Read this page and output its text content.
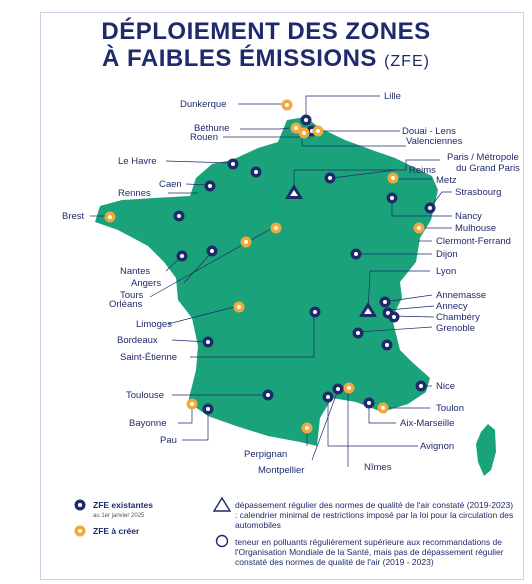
DÉPLOIEMENT DES ZONES
À FAIBLES ÉMISSIONS (ZFE)
Lille
Dunkerque
Béthune
Rouen
Douai - Lens
Valenciennes
Le Havre	Paris / Métropole du Grand Paris
Reims
Caen	Metz
Rennes	Strasbourg
Brest	Nancy
Mulhouse
Clermont-Ferrand
Nantes
Angers
Tours
Orléans
Dijon
Lyon
Limoges
Annemasse
Annecy
Chambéry
Grenoble
Bordeaux
Saint-Étienne
Toulouse
Nice
Bayonne
Toulon
Pau
Aix-Marseille
Perpignan
Avignon
Montpellier	Nîmes
ZFE existantes
au 1er janvier 2025
ZFE à créer
dépassement régulier des normes de qualité de l'air constaté (2019-2023) : calendrier minimal de restrictions imposé par la loi pour la circulation des automobiles
teneur en polluants régulièrement supérieure aux recommandations de l'Organisation Mondiale de la Santé, mais pas de dépassement régulier constaté des normes de qualité de l'air (2019 - 2023)
